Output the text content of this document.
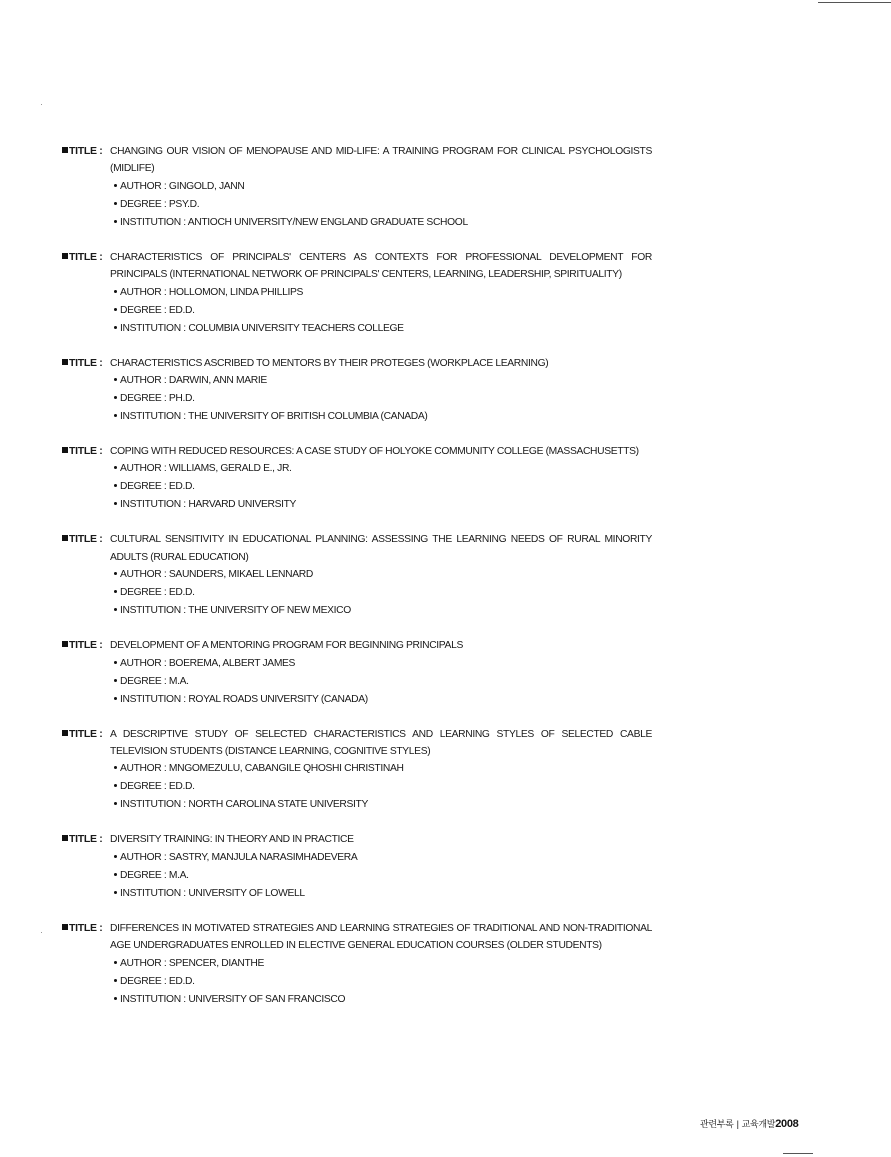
TITLE : CHANGING OUR VISION OF MENOPAUSE AND MID-LIFE: A TRAINING PROGRAM FOR CLINICAL PSYCHOLOGISTS (MIDLIFE)
AUTHOR : GINGOLD, JANN
DEGREE : PSY.D.
INSTITUTION : ANTIOCH UNIVERSITY/NEW ENGLAND GRADUATE SCHOOL
TITLE : CHARACTERISTICS OF PRINCIPALS' CENTERS AS CONTEXTS FOR PROFESSIONAL DEVELOPMENT FOR PRINCIPALS (INTERNATIONAL NETWORK OF PRINCIPALS' CENTERS, LEARNING, LEADERSHIP, SPIRITUALITY)
AUTHOR : HOLLOMON, LINDA PHILLIPS
DEGREE : ED.D.
INSTITUTION : COLUMBIA UNIVERSITY TEACHERS COLLEGE
TITLE : CHARACTERISTICS ASCRIBED TO MENTORS BY THEIR PROTEGES (WORKPLACE LEARNING)
AUTHOR : DARWIN, ANN MARIE
DEGREE : PH.D.
INSTITUTION : THE UNIVERSITY OF BRITISH COLUMBIA (CANADA)
TITLE : COPING WITH REDUCED RESOURCES: A CASE STUDY OF HOLYOKE COMMUNITY COLLEGE (MASSACHUSETTS)
AUTHOR : WILLIAMS, GERALD E., JR.
DEGREE : ED.D.
INSTITUTION : HARVARD UNIVERSITY
TITLE : CULTURAL SENSITIVITY IN EDUCATIONAL PLANNING: ASSESSING THE LEARNING NEEDS OF RURAL MINORITY ADULTS (RURAL EDUCATION)
AUTHOR : SAUNDERS, MIKAEL LENNARD
DEGREE : ED.D.
INSTITUTION : THE UNIVERSITY OF NEW MEXICO
TITLE : DEVELOPMENT OF A MENTORING PROGRAM FOR BEGINNING PRINCIPALS
AUTHOR : BOEREMA, ALBERT JAMES
DEGREE : M.A.
INSTITUTION : ROYAL ROADS UNIVERSITY (CANADA)
TITLE : A DESCRIPTIVE STUDY OF SELECTED CHARACTERISTICS AND LEARNING STYLES OF SELECTED CABLE TELEVISION STUDENTS (DISTANCE LEARNING, COGNITIVE STYLES)
AUTHOR : MNGOMEZULU, CABANGILE QHOSHI CHRISTINAH
DEGREE : ED.D.
INSTITUTION : NORTH CAROLINA STATE UNIVERSITY
TITLE : DIVERSITY TRAINING: IN THEORY AND IN PRACTICE
AUTHOR : SASTRY, MANJULA NARASIMHADEVERA
DEGREE : M.A.
INSTITUTION : UNIVERSITY OF LOWELL
TITLE : DIFFERENCES IN MOTIVATED STRATEGIES AND LEARNING STRATEGIES OF TRADITIONAL AND NON-TRADITIONAL AGE UNDERGRADUATES ENROLLED IN ELECTIVE GENERAL EDUCATION COURSES (OLDER STUDENTS)
AUTHOR : SPENCER, DIANTHE
DEGREE : ED.D.
INSTITUTION : UNIVERSITY OF SAN FRANCISCO
관련부록 | 교육개발2008
